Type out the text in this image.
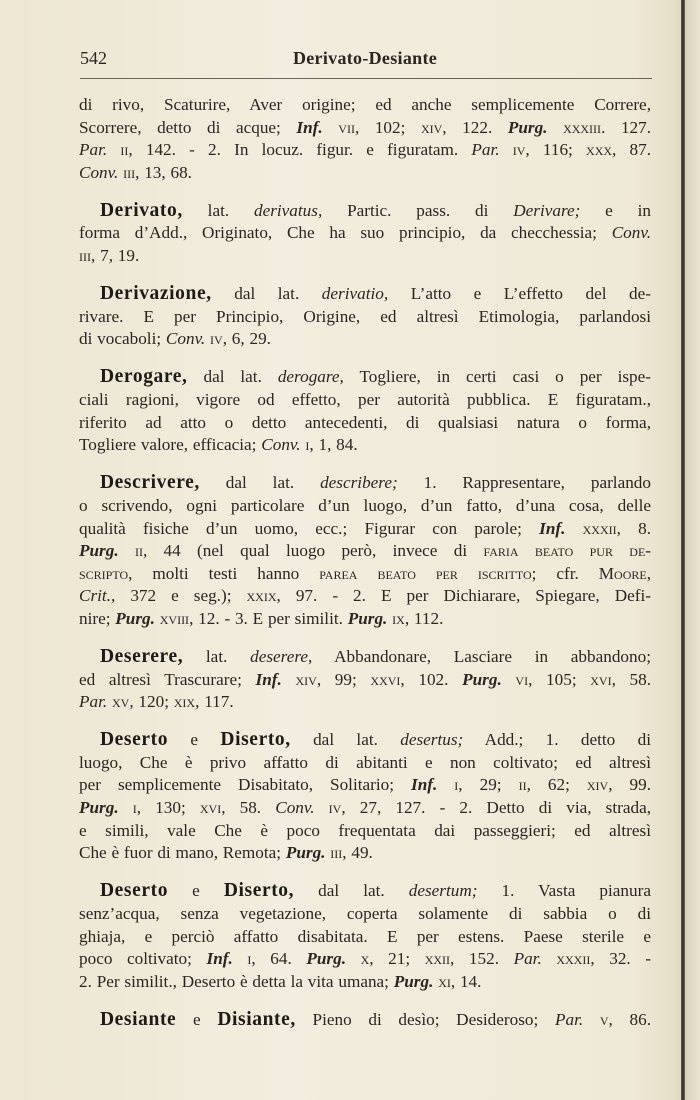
542	Derivato-Desiante
di rivo, Scaturire, Aver origine; ed anche semplicemente Correre,
Scorrere, detto di acque; Inf. vii, 102; xiv, 122. Purg. xxxiii. 127.
Par. ii, 142. - 2. In locuz. figur. e figuratam. Par. iv, 116; xxx, 87.
Conv. iii, 13, 68.
Derivato, lat. derivatus, Partic. pass. di Derivare; e in
forma d’Add., Originato, Che ha suo principio, da checchessia; Conv.
iii, 7, 19.
Derivazione, dal lat. derivatio, L’atto e L’effetto del de-
rivare. E per Principio, Origine, ed altresì Etimologia, parlandosi
di vocaboli; Conv. iv, 6, 29.
Derogare, dal lat. derogare, Togliere, in certi casi o per ispe-
ciali ragioni, vigore od effetto, per autorità pubblica. E figuratam.,
riferito ad atto o detto antecedenti, di qualsiasi natura o forma,
Togliere valore, efficacia; Conv. i, 1, 84.
Descrivere, dal lat. describere; 1. Rappresentare, parlando
o scrivendo, ogni particolare d’un luogo, d’un fatto, d’una cosa, delle
qualità fisiche d’un uomo, ecc.; Figurar con parole; Inf. xxxii, 8.
Purg. ii, 44 (nel qual luogo però, invece di faria beato pur de-
scripto, molti testi hanno parea beato per iscritto; cfr. Moore,
Crit., 372 e seg.); xxix, 97. - 2. E per Dichiarare, Spiegare, Defi-
nire; Purg. xviii, 12. - 3. E per similit. Purg. ix, 112.
Deserere, lat. deserere, Abbandonare, Lasciare in abbandono;
ed altresì Trascurare; Inf. xiv, 99; xxvi, 102. Purg. vi, 105; xvi, 58.
Par. xv, 120; xix, 117.
Deserto e Diserto, dal lat. desertus; Add.; 1. detto di
luogo, Che è privo affatto di abitanti e non coltivato; ed altresì
per semplicemente Disabitato, Solitario; Inf. i, 29; ii, 62; xiv, 99.
Purg. i, 130; xvi, 58. Conv. iv, 27, 127. - 2. Detto di via, strada,
e simili, vale Che è poco frequentata dai passeggieri; ed altresì
Che è fuor di mano, Remota; Purg. iii, 49.
Deserto e Diserto, dal lat. desertum; 1. Vasta pianura
senz’acqua, senza vegetazione, coperta solamente di sabbia o di
ghiaja, e perciò affatto disabitata. E per estens. Paese sterile e
poco coltivato; Inf. i, 64. Purg. x, 21; xxii, 152. Par. xxxii, 32. -
2. Per similit., Deserto è detta la vita umana; Purg. xi, 14.
Desiante e Disiante, Pieno di desìo; Desideroso; Par. v, 86.
